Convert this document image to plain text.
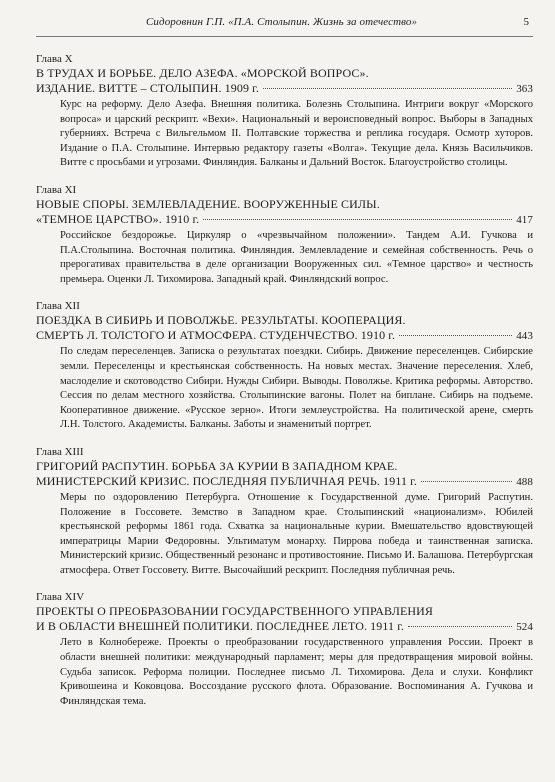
Сидоровнин Г.П. «П.А. Столыпин. Жизнь за отечество»	5
Глава X
В ТРУДАХ И БОРЬБЕ. ДЕЛО АЗЕФА. «МОРСКОЙ ВОПРОС».
ИЗДАНИЕ. ВИТТЕ – СТОЛЫПИН. 1909 г.	363
Курс на реформу. Дело Азефа. Внешняя политика. Болезнь Столыпина. Интриги вокруг «Морского вопроса» и царский рескрипт. «Вехи». Национальный и вероисповедный вопрос. Выборы в Западных губерниях. Встреча с Вильгельмом II. Полтавские торжества и реплика государя. Осмотр хуторов. Издание о П.А. Столыпине. Интервью редактору газеты «Волга». Текущие дела. Князь Васильчиков. Витте с просьбами и угрозами. Финляндия. Балканы и Дальний Восток. Благоустройство столицы.
Глава XI
НОВЫЕ СПОРЫ. ЗЕМЛЕВЛАДЕНИЕ. ВООРУЖЕННЫЕ СИЛЫ.
«ТЕМНОЕ ЦАРСТВО». 1910 г.	417
Российское бездорожье. Циркуляр о «чрезвычайном положении». Тандем А.И. Гучкова и П.А.Столыпина. Восточная политика. Финляндия. Землевладение и семейная собственность. Речь о прерогативах правительства в деле организации Вооруженных сил. «Темное царство» и честность премьера. Оценки Л. Тихомирова. Западный край. Финляндский вопрос.
Глава XII
ПОЕЗДКА В СИБИРЬ И ПОВОЛЖЬЕ. РЕЗУЛЬТАТЫ. КООПЕРАЦИЯ.
СМЕРТЬ Л. ТОЛСТОГО И АТМОСФЕРА. СТУДЕНЧЕСТВО. 1910 г.	443
По следам переселенцев. Записка о результатах поездки. Сибирь. Движение переселенцев. Сибирские земли. Переселенцы и крестьянская собственность. На новых местах. Значение переселения. Хлеб, маслоделие и скотоводство Сибири. Нужды Сибири. Выводы. Поволжье. Критика реформы. Авторство. Сессия по делам местного хозяйства. Столыпинские вагоны. Полет на биплане. Сибирь на подъеме. Кооперативное движение. «Русское зерно». Итоги землеустройства. На политической арене, смерть Л.Н. Толстого. Академисты. Балканы. Заботы и знаменитый портрет.
Глава XIII
ГРИГОРИЙ РАСПУТИН. БОРЬБА ЗА КУРИИ В ЗАПАДНОМ КРАЕ.
МИНИСТЕРСКИЙ КРИЗИС. ПОСЛЕДНЯЯ ПУБЛИЧНАЯ РЕЧЬ. 1911 г.	488
Меры по оздоровлению Петербурга. Отношение к Государственной думе. Григорий Распутин. Положение в Госсовете. Земство в Западном крае. Столыпинский «национализм». Юбилей крестьянской реформы 1861 года. Схватка за национальные курии. Вмешательство вдовствующей императрицы Марии Федоровны. Ультиматум монарху. Пиррова победа и таинственная записка. Министерский кризис. Общественный резонанс и противостояние. Письмо И. Балашова. Петербургская атмосфера. Ответ Госсовету. Витте. Высочайший рескрипт. Последняя публичная речь.
Глава XIV
ПРОЕКТЫ О ПРЕОБРАЗОВАНИИ ГОСУДАРСТВЕННОГО УПРАВЛЕНИЯ
И В ОБЛАСТИ ВНЕШНЕЙ ПОЛИТИКИ. ПОСЛЕДНЕЕ ЛЕТО. 1911 г.	524
Лето в Колнобереже. Проекты о преобразовании государственного управления России. Проект в области внешней политики: международный парламент; меры для предотвращения мировой войны. Судьба записок. Реформа полиции. Последнее письмо Л. Тихомирова. Дела и слухи. Конфликт Кривошеина и Коковцова. Воссоздание русского флота. Образование. Воспоминания А. Гучкова и Финляндская тема.
